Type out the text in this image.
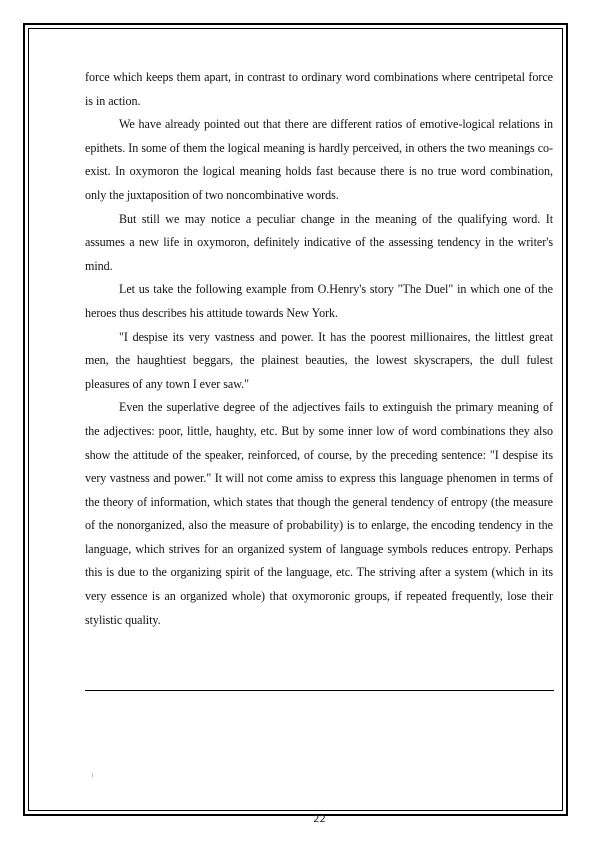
force which keeps them apart, in contrast to ordinary word combinations where centripetal force is in action.

We have already pointed out that there are different ratios of emotive-logical relations in epithets. In some of them the logical meaning is hardly perceived, in others the two meanings co-exist. In oxymoron the logical meaning holds fast because there is no true word combination, only the juxtaposition of two noncombinative words.

But still we may notice a peculiar change in the meaning of the qualifying word. It assumes a new life in oxymoron, definitely indicative of the assessing tendency in the writer's mind.

Let us take the following example from O.Henry's story "The Duel" in which one of the heroes thus describes his attitude towards New York.

"I despise its very vastness and power. It has the poorest millionaires, the littlest great men, the haughtiest beggars, the plainest beauties, the lowest skyscrapers, the dull fulest pleasures of any town I ever saw."

Even the superlative degree of the adjectives fails to extinguish the primary meaning of the adjectives: poor, little, haughty, etc. But by some inner low of word combinations they also show the attitude of the speaker, reinforced, of course, by the preceding sentence: "I despise its very vastness and power." It will not come amiss to express this language phenomen in terms of the theory of information, which states that though the general tendency of entropy (the measure of the nonorganized, also the measure of probability) is to enlarge, the encoding tendency in the language, which strives for an organized system of language symbols reduces entropy. Perhaps this is due to the organizing spirit of the language, etc. The striving after a system (which in its very essence is an organized whole) that oxymoronic groups, if repeated frequently, lose their stylistic quality.

22
